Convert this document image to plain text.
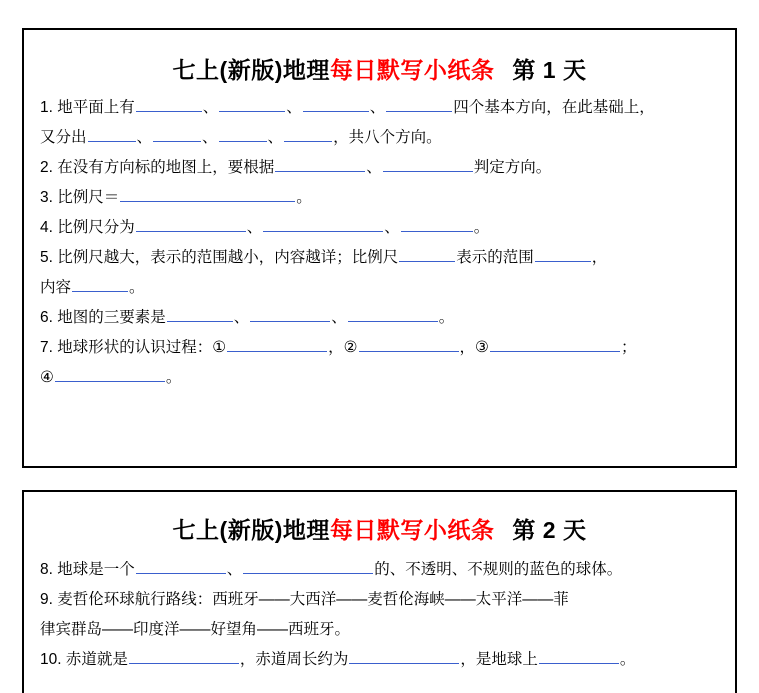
七上(新版)地理每日默写小纸条 第 1 天
1. 地平面上有	、	、	、	四个基本方向，在此基础上，
又分出	、	、	、	，共八个方向。
2. 在没有方向标的地图上，要根据	、	判定方向。
3. 比例尺＝	。
4. 比例尺分为	、	、	。
5. 比例尺越大，表示的范围越小，内容越详；比例尺	表示的范围	，
内容	。
6. 地图的三要素是	、	、	。
7. 地球形状的认识过程：①	，②	，③	；
④	。
七上(新版)地理每日默写小纸条 第 2 天
8. 地球是一个	、	的、不透明、不规则的蓝色的球体。
9. 麦哲伦环球航行路线：西班牙——大西洋——麦哲伦海峡——太平洋——菲
律宾群岛——印度洋——好望角——西班牙。
10. 赤道就是	，赤道周长约为	，是地球上	。
